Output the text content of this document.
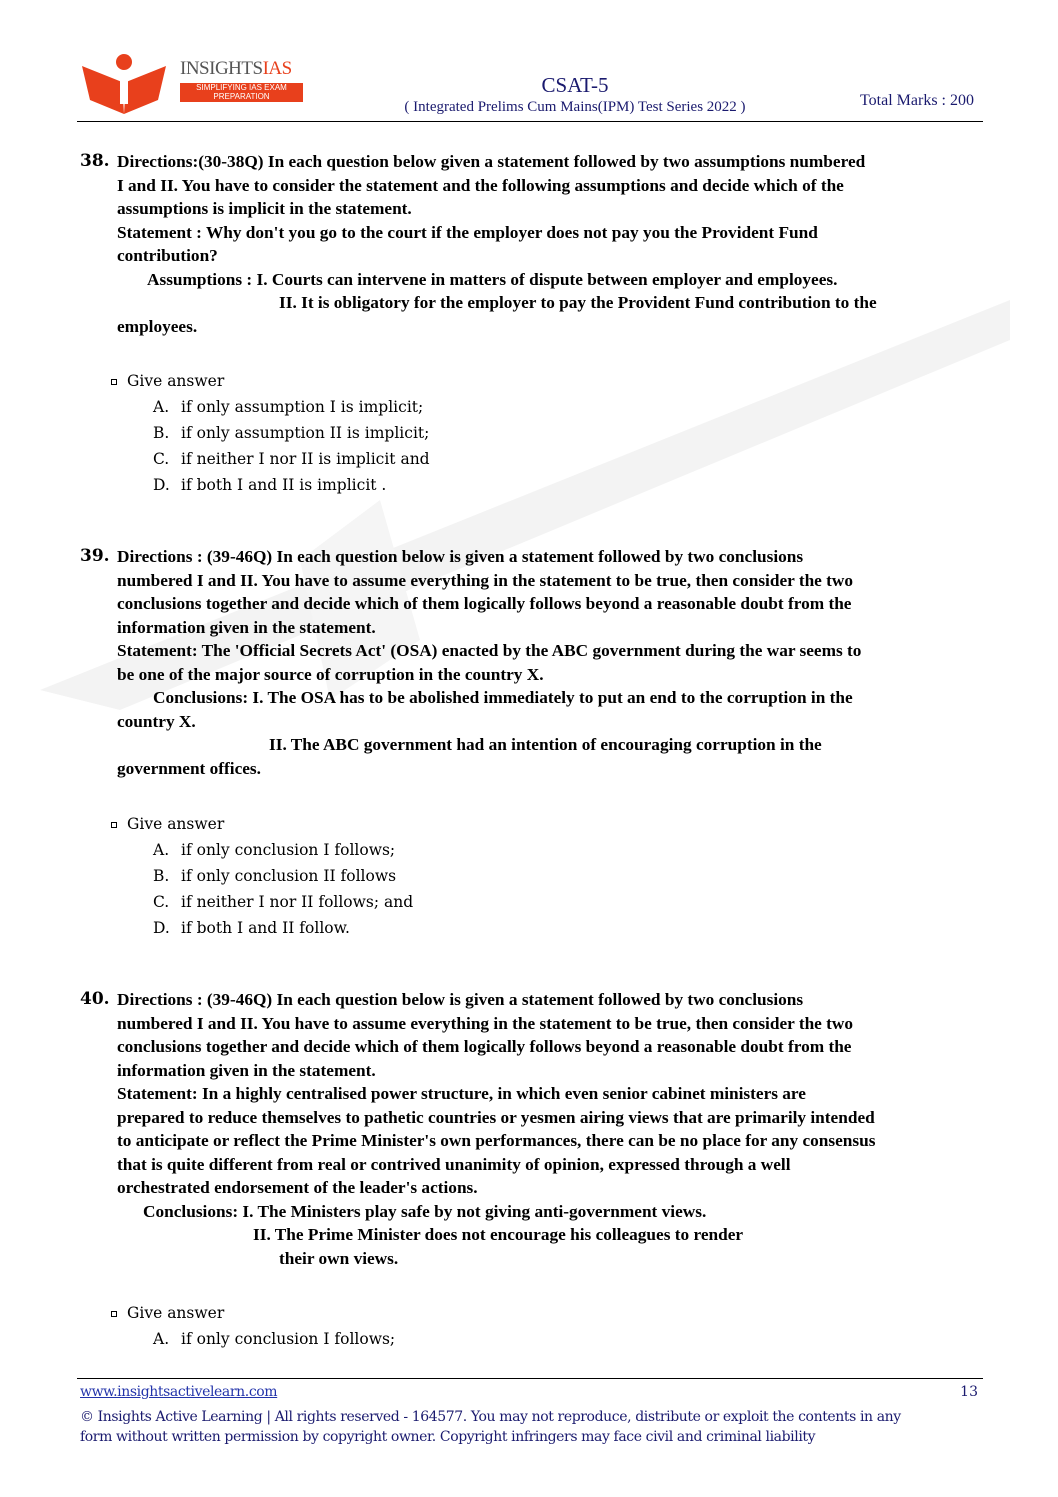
INSIGHTSIAS
SIMPLIFYING IAS EXAM PREPARATION	CSAT-5
( Integrated Prelims Cum Mains(IPM) Test Series 2022 )	Total Marks : 200
38. Directions:(30-38Q) In each question below given a statement followed by two assumptions numbered
I and II. You have to consider the statement and the following assumptions and decide which of the
assumptions is implicit in the statement.
Statement : Why don't you go to the court if the employer does not pay you the Provident Fund
contribution?
Assumptions : I. Courts can intervene in matters of dispute between employer and employees.
II. It is obligatory for the employer to pay the Provident Fund contribution to the
employees.
Give answer
A. if only assumption I is implicit;
B. if only assumption II is implicit;
C. if neither I nor II is implicit and
D. if both I and II is implicit .
39. Directions : (39-46Q) In each question below is given a statement followed by two conclusions
numbered I and II. You have to assume everything in the statement to be true, then consider the two
conclusions together and decide which of them logically follows beyond a reasonable doubt from the
information given in the statement.
Statement: The 'Official Secrets Act' (OSA) enacted by the ABC government during the war seems to
be one of the major source of corruption in the country X.
Conclusions: I. The OSA has to be abolished immediately to put an end to the corruption in the
country X.
II. The ABC government had an intention of encouraging corruption in the
government offices.
Give answer
A. if only conclusion I follows;
B. if only conclusion II follows
C. if neither I nor II follows; and
D. if both I and II follow.
40. Directions : (39-46Q) In each question below is given a statement followed by two conclusions
numbered I and II. You have to assume everything in the statement to be true, then consider the two
conclusions together and decide which of them logically follows beyond a reasonable doubt from the
information given in the statement.
Statement: In a highly centralised power structure, in which even senior cabinet ministers are
prepared to reduce themselves to pathetic countries or yesmen airing views that are primarily intended
to anticipate or reflect the Prime Minister's own performances, there can be no place for any consensus
that is quite different from real or contrived unanimity of opinion, expressed through a well
orchestrated endorsement of the leader's actions.
Conclusions: I. The Ministers play safe by not giving anti-government views.
II. The Prime Minister does not encourage his colleagues to render
their own views.
Give answer
A. if only conclusion I follows;
www.insightsactivelearn.com	13
© Insights Active Learning | All rights reserved - 164577. You may not reproduce, distribute or exploit the contents in any
form without written permission by copyright owner. Copyright infringers may face civil and criminal liability
